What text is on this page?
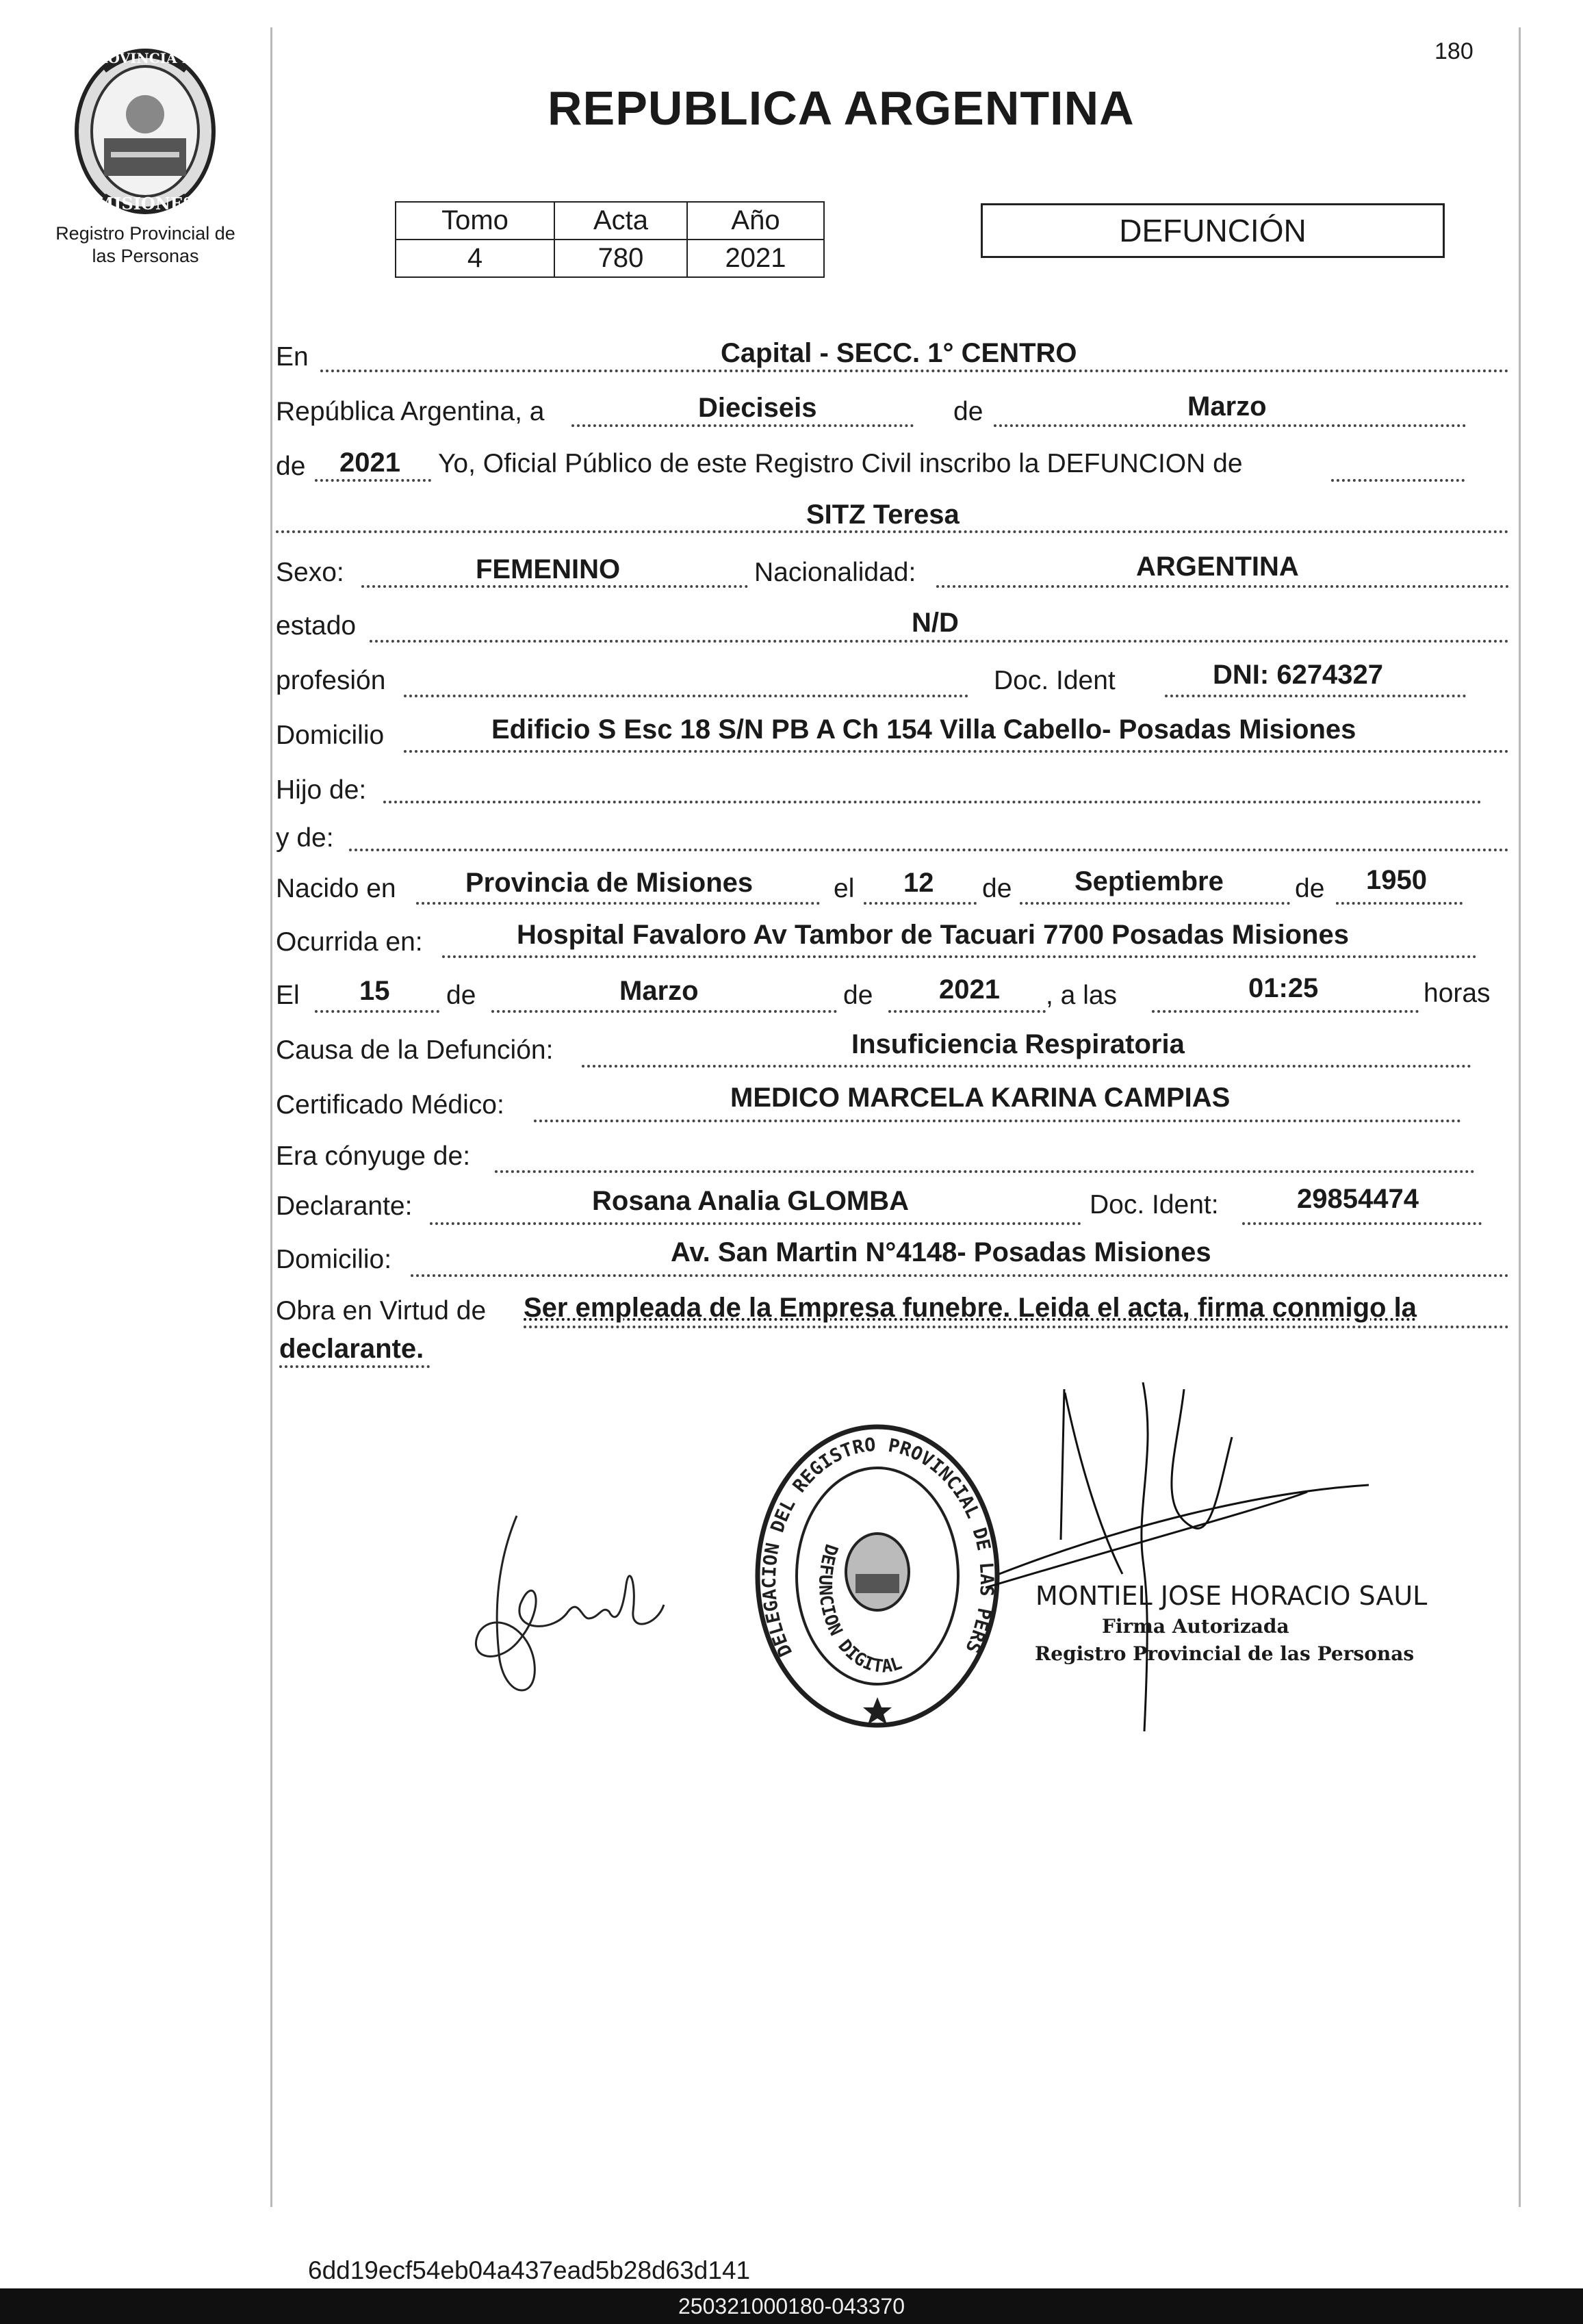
PROVINCIA DE
MISIONES
Registro Provincial de
las Personas
180
REPUBLICA ARGENTINA
Tomo	Acta	Año
4	780	2021
DEFUNCIÓN
En	Capital - SECC. 1° CENTRO
República Argentina, a	Dieciseis	de	Marzo
de 2021 Yo, Oficial Público de este Registro Civil inscribo la DEFUNCION de
SITZ Teresa
Sexo:	FEMENINO	Nacionalidad:	ARGENTINA
estado	N/D
profesión	Doc. Ident	DNI: 6274327
Domicilio	Edificio S Esc 18 S/N PB A Ch 154 Villa Cabello- Posadas Misiones
Hijo de:
y de:
Nacido en	Provincia de Misiones	el 12 de Septiembre	de 1950
Ocurrida en:	Hospital Favaloro Av Tambor de Tacuari 7700 Posadas Misiones
El 15 de	Marzo	de 2021 , a las	01:25	horas
Causa de la Defunción:	Insuficiencia Respiratoria
Certificado Médico:	MEDICO MARCELA KARINA CAMPIAS
Era cónyuge de:
Declarante:	Rosana Analia GLOMBA	Doc. Ident:	29854474
Domicilio:	Av. San Martin N°4148- Posadas Misiones
Obra en Virtud de Ser empleada de la Empresa funebre. Leida el acta, firma conmigo la
declarante.
DELEGACION DEL REGISTRO PROVINCIAL DE LAS PERS
DEFUNCION DIGITAL
MONTIEL JOSE HORACIO SAUL
Firma Autorizada
Registro Provincial de las Personas
6dd19ecf54eb04a437ead5b28d63d141
250321000180-043370
